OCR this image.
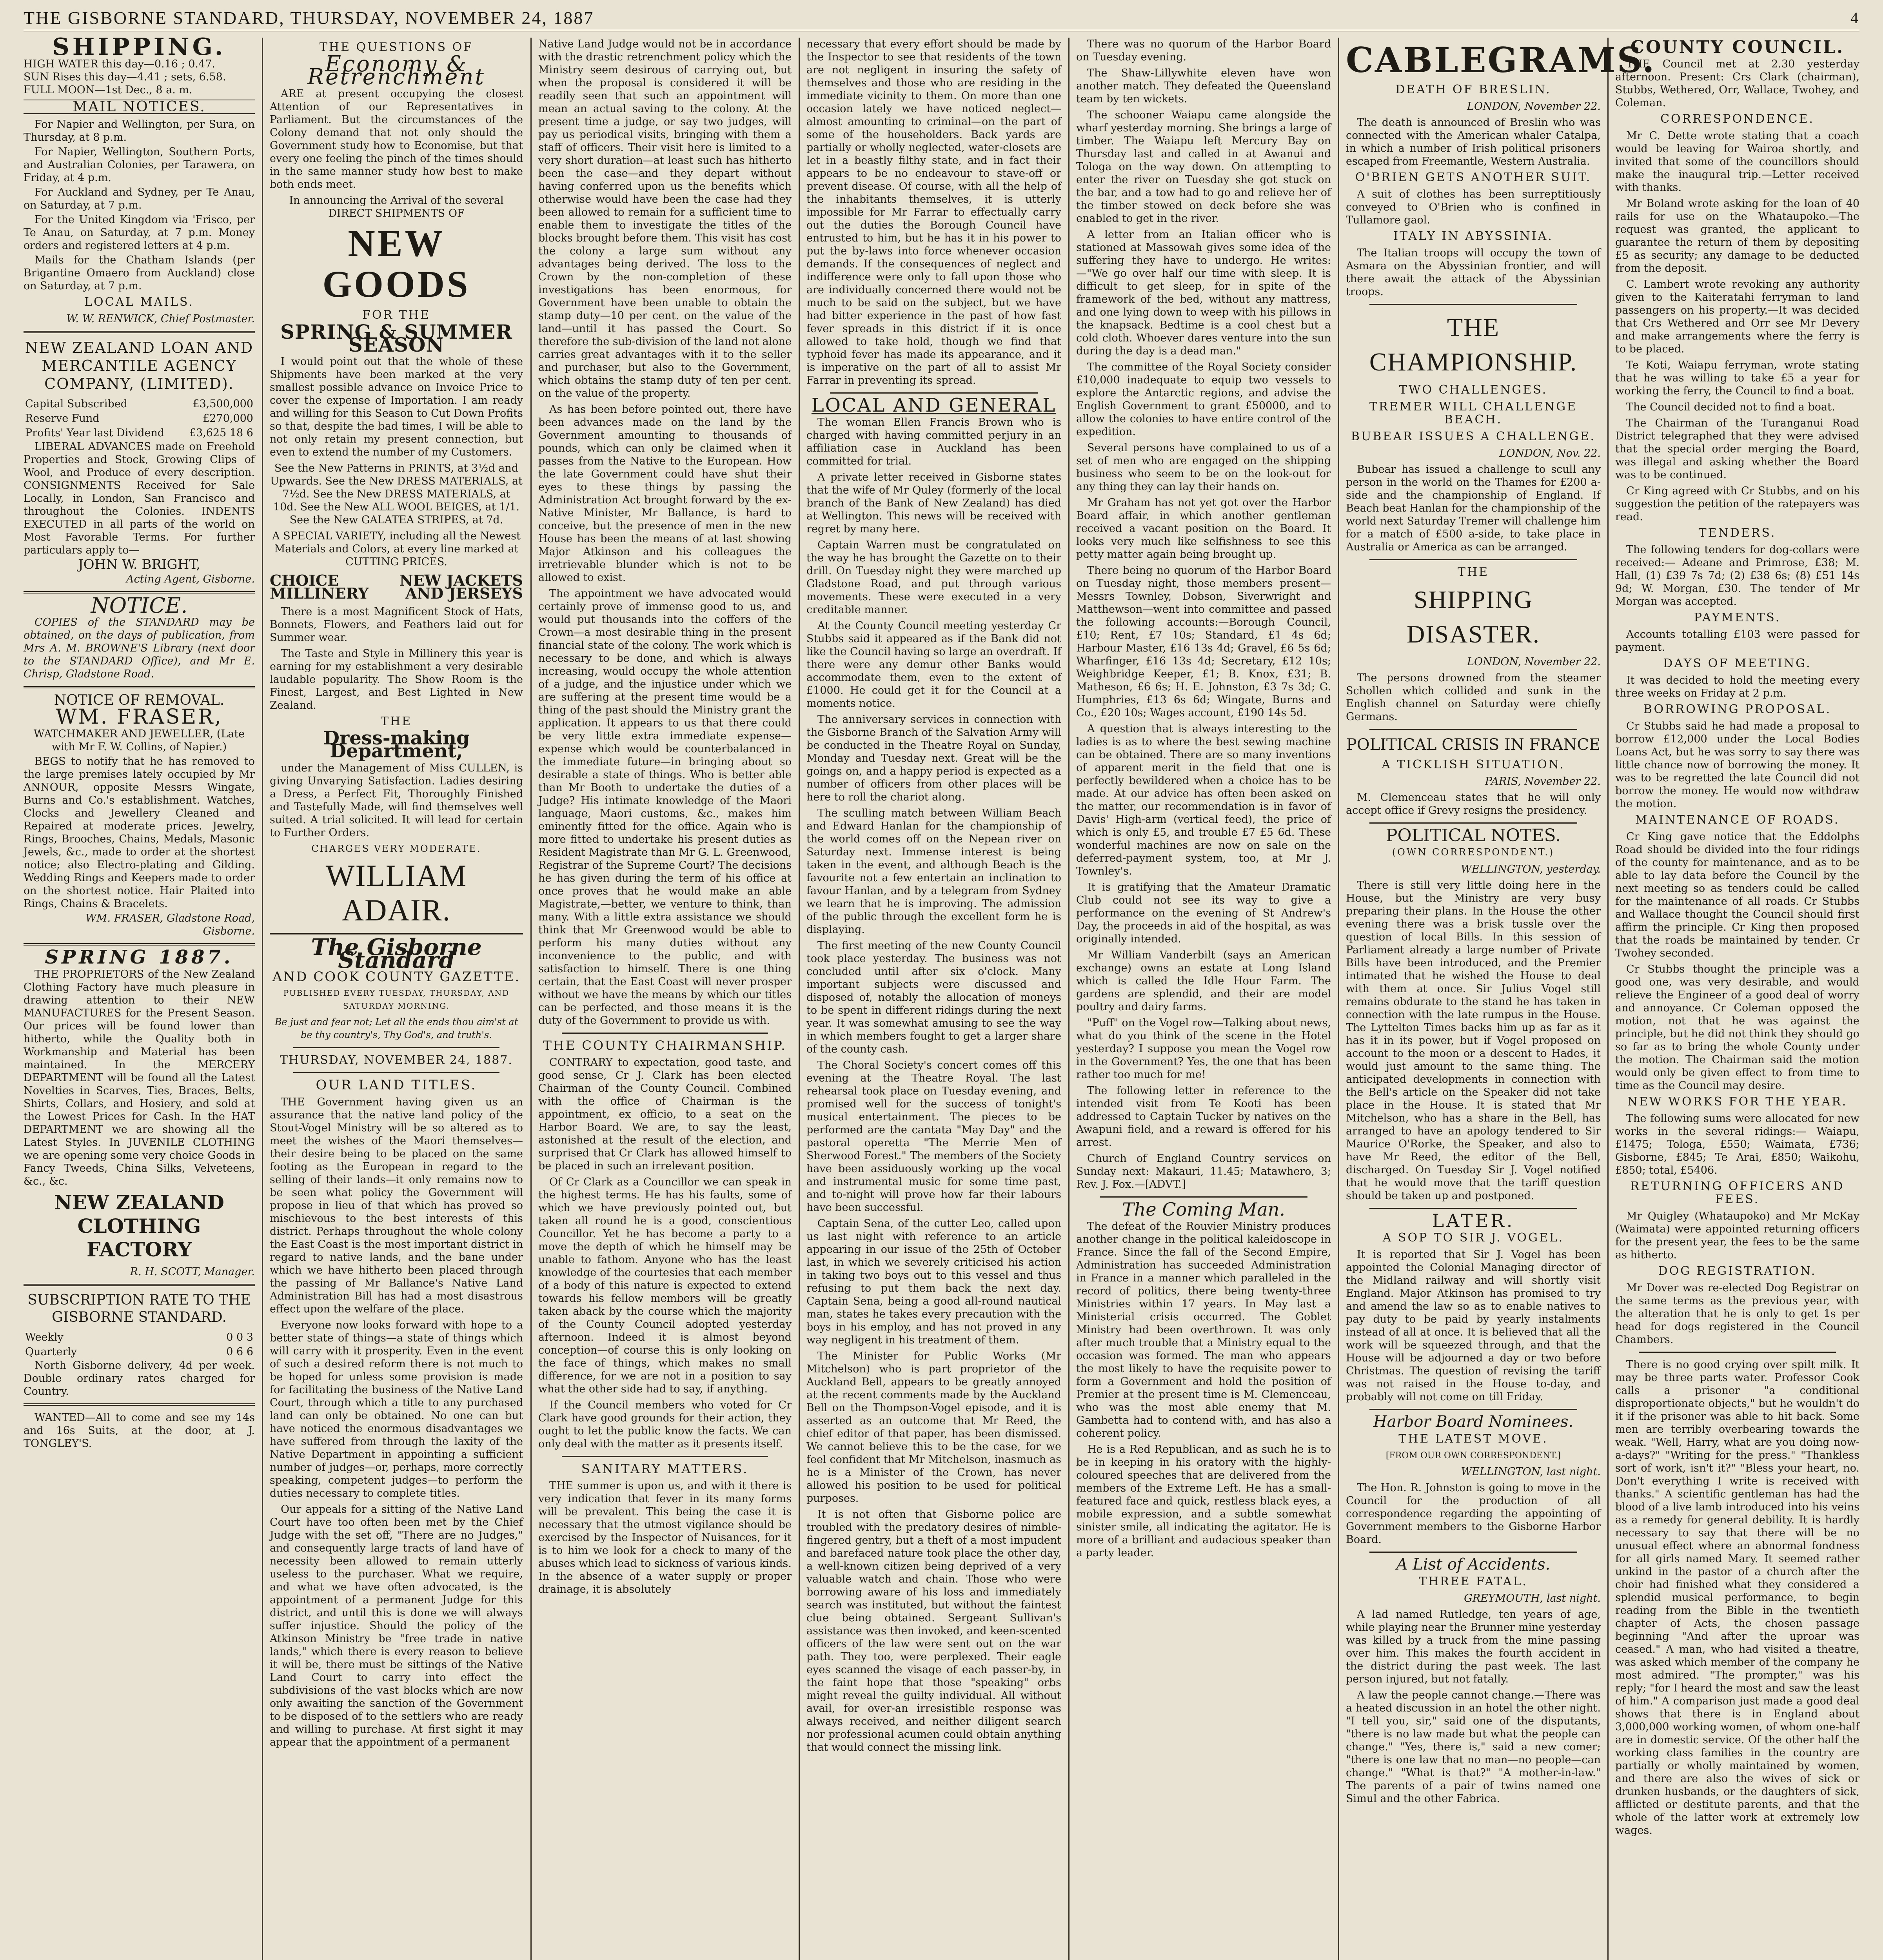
THE GISBORNE STANDARD, THURSDAY, NOVEMBER 24, 1887	4
SHIPPING.

HIGH WATER this day—0.16 ; 0.47.
SUN Rises this day—4.41 ; sets, 6.58.
FULL MOON—1st Dec., 8 a. m.

MAIL NOTICES.

For Napier and Wellington, per Sura, on Thursday, at 8 p.m.

For Napier, Wellington, Southern Ports, and Australian Colonies, per Tarawera, on Friday, at 4 p.m.

For Auckland and Sydney, per Te Anau, on Saturday, at 7 p.m.

For the United Kingdom via 'Frisco, per Te Anau, on Saturday, at 7 p.m. Money orders and registered letters at 4 p.m.

Mails for the Chatham Islands (per Brigantine Omaero from Auckland) close on Saturday, at 7 p.m.

LOCAL MAILS.

W. W. RENWICK, Chief Postmaster.

NEW ZEALAND LOAN AND MERCANTILE AGENCY COMPANY, (LIMITED).
Capital Subscribed	£3,500,000
Reserve Fund	£270,000
Profits' Year last Dividend	£3,625 18 6

LIBERAL ADVANCES made on Freehold Properties and Stock, Growing Clips of Wool, and Produce of every description. CONSIGNMENTS Received for Sale Locally, in London, San Francisco and throughout the Colonies. INDENTS EXECUTED in all parts of the world on Most Favorable Terms. For further particulars apply to—

JOHN W. BRIGHT,

Acting Agent, Gisborne.

NOTICE.

COPIES of the STANDARD may be obtained, on the days of publication, from Mrs A. M. BROWNE'S Library (next door to the STANDARD Office), and Mr E. Chrisp, Gladstone Road.

NOTICE OF REMOVAL.
WM. FRASER,

WATCHMAKER AND JEWELLER, (Late with Mr F. W. Collins, of Napier.)

BEGS to notify that he has removed to the large premises lately occupied by Mr ANNOUR, opposite Messrs Wingate, Burns and Co.'s establishment. Watches, Clocks and Jewellery Cleaned and Repaired at moderate prices. Jewelry, Rings, Brooches, Chains, Medals, Masonic Jewels, &c., made to order at the shortest notice; also Electro-plating and Gilding. Wedding Rings and Keepers made to order on the shortest notice. Hair Plaited into Rings, Chains & Bracelets.

WM. FRASER, Gladstone Road, Gisborne.

SPRING 1887.

THE PROPRIETORS of the New Zealand Clothing Factory have much pleasure in drawing attention to their NEW MANUFACTURES for the Present Season. Our prices will be found lower than hitherto, while the Quality both in Workmanship and Material has been maintained. In the MERCERY DEPARTMENT will be found all the Latest Novelties in Scarves, Ties, Braces, Belts, Shirts, Collars, and Hosiery, and sold at the Lowest Prices for Cash. In the HAT DEPARTMENT we are showing all the Latest Styles. In JUVENILE CLOTHING we are opening some very choice Goods in Fancy Tweeds, China Silks, Velveteens, &c., &c.

NEW ZEALAND CLOTHING FACTORY

R. H. SCOTT, Manager.

SUBSCRIPTION RATE TO THE GISBORNE STANDARD.
Weekly	0 0 3
Quarterly	0 6 6

North Gisborne delivery, 4d per week. Double ordinary rates charged for Country.

WANTED—All to come and see my 14s and 16s Suits, at the door, at J. TONGLEY'S.

THE QUESTIONS OF
Economy & Retrenchment

ARE at present occupying the closest Attention of our Representatives in Parliament. But the circumstances of the Colony demand that not only should the Government study how to Economise, but that every one feeling the pinch of the times should in the same manner study how best to make both ends meet.

In announcing the Arrival of the several DIRECT SHIPMENTS OF

NEW GOODS
FOR THE
SPRING & SUMMER SEASON

I would point out that the whole of these Shipments have been marked at the very smallest possible advance on Invoice Price to cover the expense of Importation. I am ready and willing for this Season to Cut Down Profits so that, despite the bad times, I will be able to not only retain my present connection, but even to extend the number of my Customers.

See the New Patterns in PRINTS, at 3½d and Upwards. See the New DRESS MATERIALS, at 7½d. See the New DRESS MATERIALS, at 10d. See the New ALL WOOL BEIGES, at 1/1. See the New GALATEA STRIPES, at 7d.

A SPECIAL VARIETY, including all the Newest Materials and Colors, at every line marked at CUTTING PRICES.

CHOICE MILLINERY
NEW JACKETS AND JERSEYS

There is a most Magnificent Stock of Hats, Bonnets, Flowers, and Feathers laid out for Summer wear.

The Taste and Style in Millinery this year is earning for my establishment a very desirable laudable popularity. The Show Room is the Finest, Largest, and Best Lighted in New Zealand.

THE
Dress-making Department,

under the Management of Miss CULLEN, is giving Unvarying Satisfaction. Ladies desiring a Dress, a Perfect Fit, Thoroughly Finished and Tastefully Made, will find themselves well suited. A trial solicited. It will lead for certain to Further Orders.

CHARGES VERY MODERATE.

WILLIAM ADAIR.
The Gisborne Standard

AND COOK COUNTY GAZETTE.

PUBLISHED EVERY TUESDAY, THURSDAY, AND SATURDAY MORNING.

Be just and fear not; Let all the ends thou aim'st at be thy country's, Thy God's, and truth's.

THURSDAY, NOVEMBER 24, 1887.

OUR LAND TITLES.

THE Government having given us an assurance that the native land policy of the Stout-Vogel Ministry will be so altered as to meet the wishes of the Maori themselves—their desire being to be placed on the same footing as the European in regard to the selling of their lands—it only remains now to be seen what policy the Government will propose in lieu of that which has proved so mischievous to the best interests of this district. Perhaps throughout the whole colony the East Coast is the most important district in regard to native lands, and the bane under which we have hitherto been placed through the passing of Mr Ballance's Native Land Administration Bill has had a most disastrous effect upon the welfare of the place.

Everyone now looks forward with hope to a better state of things—a state of things which will carry with it prosperity. Even in the event of such a desired reform there is not much to be hoped for unless some provision is made for facilitating the business of the Native Land Court, through which a title to any purchased land can only be obtained. No one can but have noticed the enormous disadvantages we have suffered from through the laxity of the Native Department in appointing a sufficient number of judges—or, perhaps, more correctly speaking, competent judges—to perform the duties necessary to complete titles.

Our appeals for a sitting of the Native Land Court have too often been met by the Chief Judge with the set off, "There are no Judges," and consequently large tracts of land have of necessity been allowed to remain utterly useless to the purchaser. What we require, and what we have often advocated, is the appointment of a permanent Judge for this district, and until this is done we will always suffer injustice. Should the policy of the Atkinson Ministry be "free trade in native lands," which there is every reason to believe it will be, there must be sittings of the Native Land Court to carry into effect the subdivisions of the vast blocks which are now only awaiting the sanction of the Government to be disposed of to the settlers who are ready and willing to purchase. At first sight it may appear that the appointment of a permanent

Native Land Judge would not be in accordance with the drastic retrenchment policy which the Ministry seem desirous of carrying out, but when the proposal is considered it will be readily seen that such an appointment will mean an actual saving to the colony. At the present time a judge, or say two judges, will pay us periodical visits, bringing with them a staff of officers. Their visit here is limited to a very short duration—at least such has hitherto been the case—and they depart without having conferred upon us the benefits which otherwise would have been the case had they been allowed to remain for a sufficient time to enable them to investigate the titles of the blocks brought before them. This visit has cost the colony a large sum without any advantages being derived. The loss to the Crown by the non-completion of these investigations has been enormous, for Government have been unable to obtain the stamp duty—10 per cent. on the value of the land—until it has passed the Court. So therefore the sub-division of the land not alone carries great advantages with it to the seller and purchaser, but also to the Government, which obtains the stamp duty of ten per cent. on the value of the property.

As has been before pointed out, there have been advances made on the land by the Government amounting to thousands of pounds, which can only be claimed when it passes from the Native to the European. How the late Government could have shut their eyes to these things by passing the Administration Act brought forward by the ex-Native Minister, Mr Ballance, is hard to conceive, but the presence of men in the new House has been the means of at last showing Major Atkinson and his colleagues the irretrievable blunder which is not to be allowed to exist.

The appointment we have advocated would certainly prove of immense good to us, and would put thousands into the coffers of the Crown—a most desirable thing in the present financial state of the colony. The work which is necessary to be done, and which is always increasing, would occupy the whole attention of a judge, and the injustice under which we are suffering at the present time would be a thing of the past should the Ministry grant the application. It appears to us that there could be very little extra immediate expense—expense which would be counterbalanced in the immediate future—in bringing about so desirable a state of things. Who is better able than Mr Booth to undertake the duties of a Judge? His intimate knowledge of the Maori language, Maori customs, &c., makes him eminently fitted for the office. Again who is more fitted to undertake his present duties as Resident Magistrate than Mr G. L. Greenwood, Registrar of the Supreme Court? The decisions he has given during the term of his office at once proves that he would make an able Magistrate,—better, we venture to think, than many. With a little extra assistance we should think that Mr Greenwood would be able to perform his many duties without any inconvenience to the public, and with satisfaction to himself. There is one thing certain, that the East Coast will never prosper without we have the means by which our titles can be perfected, and those means it is the duty of the Government to provide us with.

THE COUNTY CHAIRMANSHIP.

CONTRARY to expectation, good taste, and good sense, Cr J. Clark has been elected Chairman of the County Council. Combined with the office of Chairman is the appointment, ex officio, to a seat on the Harbor Board. We are, to say the least, astonished at the result of the election, and surprised that Cr Clark has allowed himself to be placed in such an irrelevant position.

Of Cr Clark as a Councillor we can speak in the highest terms. He has his faults, some of which we have previously pointed out, but taken all round he is a good, conscientious Councillor. Yet he has become a party to a move the depth of which he himself may be unable to fathom. Anyone who has the least knowledge of the courtesies that each member of a body of this nature is expected to extend towards his fellow members will be greatly taken aback by the course which the majority of the County Council adopted yesterday afternoon. Indeed it is almost beyond conception—of course this is only looking on the face of things, which makes no small difference, for we are not in a position to say what the other side had to say, if anything.

If the Council members who voted for Cr Clark have good grounds for their action, they ought to let the public know the facts. We can only deal with the matter as it presents itself.

SANITARY MATTERS.

THE summer is upon us, and with it there is very indication that fever in its many forms will be prevalent. This being the case it is necessary that the utmost vigilance should be exercised by the Inspector of Nuisances, for it is to him we look for a check to many of the abuses which lead to sickness of various kinds. In the absence of a water supply or proper drainage, it is absolutely

necessary that every effort should be made by the Inspector to see that residents of the town are not negligent in insuring the safety of themselves and those who are residing in the immediate vicinity to them. On more than one occasion lately we have noticed neglect—almost amounting to criminal—on the part of some of the householders. Back yards are partially or wholly neglected, water-closets are let in a beastly filthy state, and in fact their appears to be no endeavour to stave-off or prevent disease. Of course, with all the help of the inhabitants themselves, it is utterly impossible for Mr Farrar to effectually carry out the duties the Borough Council have entrusted to him, but he has it in his power to put the by-laws into force whenever occasion demands. If the consequences of neglect and indifference were only to fall upon those who are individually concerned there would not be much to be said on the subject, but we have had bitter experience in the past of how fast fever spreads in this district if it is once allowed to take hold, though we find that typhoid fever has made its appearance, and it is imperative on the part of all to assist Mr Farrar in preventing its spread.

LOCAL AND GENERAL

The woman Ellen Francis Brown who is charged with having committed perjury in an affiliation case in Auckland has been committed for trial.

A private letter received in Gisborne states that the wife of Mr Quley (formerly of the local branch of the Bank of New Zealand) has died at Wellington. This news will be received with regret by many here.

Captain Warren must be congratulated on the way he has brought the Gazette on to their drill. On Tuesday night they were marched up Gladstone Road, and put through various movements. These were executed in a very creditable manner.

At the County Council meeting yesterday Cr Stubbs said it appeared as if the Bank did not like the Council having so large an overdraft. If there were any demur other Banks would accommodate them, even to the extent of £1000. He could get it for the Council at a moments notice.

The anniversary services in connection with the Gisborne Branch of the Salvation Army will be conducted in the Theatre Royal on Sunday, Monday and Tuesday next. Great will be the goings on, and a happy period is expected as a number of officers from other places will be here to roll the chariot along.

The sculling match between William Beach and Edward Hanlan for the championship of the world comes off on the Nepean river on Saturday next. Immense interest is being taken in the event, and although Beach is the favourite not a few entertain an inclination to favour Hanlan, and by a telegram from Sydney we learn that he is improving. The admission of the public through the excellent form he is displaying.

The first meeting of the new County Council took place yesterday. The business was not concluded until after six o'clock. Many important subjects were discussed and disposed of, notably the allocation of moneys to be spent in different ridings during the next year. It was somewhat amusing to see the way in which members fought to get a larger share of the county cash.

The Choral Society's concert comes off this evening at the Theatre Royal. The last rehearsal took place on Tuesday evening, and promised well for the success of tonight's musical entertainment. The pieces to be performed are the cantata "May Day" and the pastoral operetta "The Merrie Men of Sherwood Forest." The members of the Society have been assiduously working up the vocal and instrumental music for some time past, and to-night will prove how far their labours have been successful.

Captain Sena, of the cutter Leo, called upon us last night with reference to an article appearing in our issue of the 25th of October last, in which we severely criticised his action in taking two boys out to this vessel and thus refusing to put them back the next day. Captain Sena, being a good all-round nautical man, states he takes every precaution with the boys in his employ, and has not proved in any way negligent in his treatment of them.

The Minister for Public Works (Mr Mitchelson) who is part proprietor of the Auckland Bell, appears to be greatly annoyed at the recent comments made by the Auckland Bell on the Thompson-Vogel episode, and it is asserted as an outcome that Mr Reed, the chief editor of that paper, has been dismissed. We cannot believe this to be the case, for we feel confident that Mr Mitchelson, inasmuch as he is a Minister of the Crown, has never allowed his position to be used for political purposes.

It is not often that Gisborne police are troubled with the predatory desires of nimble-fingered gentry, but a theft of a most impudent and barefaced nature took place the other day, a well-known citizen being deprived of a very valuable watch and chain. Those who were borrowing aware of his loss and immediately search was instituted, but without the faintest clue being obtained. Sergeant Sullivan's assistance was then invoked, and keen-scented officers of the law were sent out on the war path. They too, were perplexed. Their eagle eyes scanned the visage of each passer-by, in the faint hope that those "speaking" orbs might reveal the guilty individual. All without avail, for over-an irresistible response was always received, and neither diligent search nor professional acumen could obtain anything that would connect the missing link.

There was no quorum of the Harbor Board on Tuesday evening.

The Shaw-Lillywhite eleven have won another match. They defeated the Queensland team by ten wickets.

The schooner Waiapu came alongside the wharf yesterday morning. She brings a large of timber. The Waiapu left Mercury Bay on Thursday last and called in at Awanui and Tologa on the way down. On attempting to enter the river on Tuesday she got stuck on the bar, and a tow had to go and relieve her of the timber stowed on deck before she was enabled to get in the river.

A letter from an Italian officer who is stationed at Massowah gives some idea of the suffering they have to undergo. He writes:—"We go over half our time with sleep. It is difficult to get sleep, for in spite of the framework of the bed, without any mattress, and one lying down to weep with his pillows in the knapsack. Bedtime is a cool chest but a cold cloth. Whoever dares venture into the sun during the day is a dead man."

The committee of the Royal Society consider £10,000 inadequate to equip two vessels to explore the Antarctic regions, and advise the English Government to grant £50000, and to allow the colonies to have entire control of the expedition.

Several persons have complained to us of a set of men who are engaged on the shipping business who seem to be on the look-out for any thing they can lay their hands on.

Mr Graham has not yet got over the Harbor Board affair, in which another gentleman received a vacant position on the Board. It looks very much like selfishness to see this petty matter again being brought up.

There being no quorum of the Harbor Board on Tuesday night, those members present—Messrs Townley, Dobson, Siverwright and Matthewson—went into committee and passed the following accounts:—Borough Council, £10; Rent, £7 10s; Standard, £1 4s 6d; Harbour Master, £16 13s 4d; Gravel, £6 5s 6d; Wharfinger, £16 13s 4d; Secretary, £12 10s; Weighbridge Keeper, £1; B. Knox, £31; B. Matheson, £6 6s; H. E. Johnston, £3 7s 3d; G. Humphries, £13 6s 6d; Wingate, Burns and Co., £20 10s; Wages account, £190 14s 5d.

A question that is always interesting to the ladies is as to where the best sewing machine can be obtained. There are so many inventions of apparent merit in the field that one is perfectly bewildered when a choice has to be made. At our advice has often been asked on the matter, our recommendation is in favor of Davis' High-arm (vertical feed), the price of which is only £5, and trouble £7 £5 6d. These wonderful machines are now on sale on the deferred-payment system, too, at Mr J. Townley's.

It is gratifying that the Amateur Dramatic Club could not see its way to give a performance on the evening of St Andrew's Day, the proceeds in aid of the hospital, as was originally intended.

Mr William Vanderbilt (says an American exchange) owns an estate at Long Island which is called the Idle Hour Farm. The gardens are splendid, and their are model poultry and dairy farms.

"Puff" on the Vogel row—Talking about news, what do you think of the scene in the Hotel yesterday? I suppose you mean the Vogel row in the Government? Yes, the one that has been rather too much for me!

The following letter in reference to the intended visit from Te Kooti has been addressed to Captain Tucker by natives on the Awapuni field, and a reward is offered for his arrest.

Church of England Country services on Sunday next: Makauri, 11.45; Matawhero, 3; Rev. J. Fox.—[ADVT.]

The Coming Man.

The defeat of the Rouvier Ministry produces another change in the political kaleidoscope in France. Since the fall of the Second Empire, Administration has succeeded Administration in France in a manner which paralleled in the record of politics, there being twenty-three Ministries within 17 years. In May last a Ministerial crisis occurred. The Goblet Ministry had been overthrown. It was only after much trouble that a Ministry equal to the occasion was formed. The man who appears the most likely to have the requisite power to form a Government and hold the position of Premier at the present time is M. Clemenceau, who was the most able enemy that M. Gambetta had to contend with, and has also a coherent policy.

He is a Red Republican, and as such he is to be in keeping in his oratory with the highly-coloured speeches that are delivered from the members of the Extreme Left. He has a small-featured face and quick, restless black eyes, a mobile expression, and a subtle somewhat sinister smile, all indicating the agitator. He is more of a brilliant and audacious speaker than a party leader.

CABLEGRAMS.
DEATH OF BRESLIN.

LONDON, November 22.

The death is announced of Breslin who was connected with the American whaler Catalpa, in which a number of Irish political prisoners escaped from Freemantle, Western Australia.

O'BRIEN GETS ANOTHER SUIT.

A suit of clothes has been surreptitiously conveyed to O'Brien who is confined in Tullamore gaol.

ITALY IN ABYSSINIA.

The Italian troops will occupy the town of Asmara on the Abyssinian frontier, and will there await the attack of the Abyssinian troops.

THE CHAMPIONSHIP.
TWO CHALLENGES.
TREMER WILL CHALLENGE BEACH.
BUBEAR ISSUES A CHALLENGE.

LONDON, Nov. 22.

Bubear has issued a challenge to scull any person in the world on the Thames for £200 a-side and the championship of England. If Beach beat Hanlan for the championship of the world next Saturday Tremer will challenge him for a match of £500 a-side, to take place in Australia or America as can be arranged.

THE
SHIPPING DISASTER.

LONDON, November 22.

The persons drowned from the steamer Schollen which collided and sunk in the English channel on Saturday were chiefly Germans.

POLITICAL CRISIS IN FRANCE
A TICKLISH SITUATION.

PARIS, November 22.

M. Clemenceau states that he will only accept office if Grevy resigns the presidency.

POLITICAL NOTES.
(OWN CORRESPONDENT.)

WELLINGTON, yesterday.

There is still very little doing here in the House, but the Ministry are very busy preparing their plans. In the House the other evening there was a brisk tussle over the question of local Bills. In this session of Parliament already a large number of Private Bills have been introduced, and the Premier intimated that he wished the House to deal with them at once. Sir Julius Vogel still remains obdurate to the stand he has taken in connection with the late rumpus in the House. The Lyttelton Times backs him up as far as it has it in its power, but if Vogel proposed on account to the moon or a descent to Hades, it would just amount to the same thing. The anticipated developments in connection with the Bell's article on the Speaker did not take place in the House. It is stated that Mr Mitchelson, who has a share in the Bell, has arranged to have an apology tendered to Sir Maurice O'Rorke, the Speaker, and also to have Mr Reed, the editor of the Bell, discharged. On Tuesday Sir J. Vogel notified that he would move that the tariff question should be taken up and postponed.

LATER.
A SOP TO SIR J. VOGEL.

It is reported that Sir J. Vogel has been appointed the Colonial Managing director of the Midland railway and will shortly visit England. Major Atkinson has promised to try and amend the law so as to enable natives to pay duty to be paid by yearly instalments instead of all at once. It is believed that all the work will be squeezed through, and that the House will be adjourned a day or two before Christmas. The question of revising the tariff was not raised in the House to-day, and probably will not come on till Friday.

Harbor Board Nominees.
THE LATEST MOVE.

[FROM OUR OWN CORRESPONDENT.]

WELLINGTON, last night.

The Hon. R. Johnston is going to move in the Council for the production of all correspondence regarding the appointing of Government members to the Gisborne Harbor Board.

A List of Accidents.
THREE FATAL.

GREYMOUTH, last night.

A lad named Rutledge, ten years of age, while playing near the Brunner mine yesterday was killed by a truck from the mine passing over him. This makes the fourth accident in the district during the past week. The last person injured, but not fatally.

A law the people cannot change.—There was a heated discussion in an hotel the other night. "I tell you, sir," said one of the disputants, "there is no law made but what the people can change." "Yes, there is," said a new comer; "there is one law that no man—no people—can change." "What is that?" "A mother-in-law." The parents of a pair of twins named one Simul and the other Fabrica.

COUNTY COUNCIL.

THE Council met at 2.30 yesterday afternoon. Present: Crs Clark (chairman), Stubbs, Wethered, Orr, Wallace, Twohey, and Coleman.

CORRESPONDENCE.

Mr C. Dette wrote stating that a coach would be leaving for Wairoa shortly, and invited that some of the councillors should make the inaugural trip.—Letter received with thanks.

Mr Boland wrote asking for the loan of 40 rails for use on the Whataupoko.—The request was granted, the applicant to guarantee the return of them by depositing £5 as security; any damage to be deducted from the deposit.

C. Lambert wrote revoking any authority given to the Kaiteratahi ferryman to land passengers on his property.—It was decided that Crs Wethered and Orr see Mr Devery and make arrangements where the ferry is to be placed.

Te Koti, Waiapu ferryman, wrote stating that he was willing to take £5 a year for working the ferry, the Council to find a boat.

The Council decided not to find a boat.

The Chairman of the Turanganui Road District telegraphed that they were advised that the special order merging the Board, was illegal and asking whether the Board was to be continued.

Cr King agreed with Cr Stubbs, and on his suggestion the petition of the ratepayers was read.

TENDERS.

The following tenders for dog-collars were received:— Adeane and Primrose, £38; M. Hall, (1) £39 7s 7d; (2) £38 6s; (8) £51 14s 9d; W. Morgan, £30. The tender of Mr Morgan was accepted.

PAYMENTS.

Accounts totalling £103 were passed for payment.

DAYS OF MEETING.

It was decided to hold the meeting every three weeks on Friday at 2 p.m.

BORROWING PROPOSAL.

Cr Stubbs said he had made a proposal to borrow £12,000 under the Local Bodies Loans Act, but he was sorry to say there was little chance now of borrowing the money. It was to be regretted the late Council did not borrow the money. He would now withdraw the motion.

MAINTENANCE OF ROADS.

Cr King gave notice that the Eddolphs Road should be divided into the four ridings of the county for maintenance, and as to be able to lay data before the Council by the next meeting so as tenders could be called for the maintenance of all roads. Cr Stubbs and Wallace thought the Council should first affirm the principle. Cr King then proposed that the roads be maintained by tender. Cr Twohey seconded.

Cr Stubbs thought the principle was a good one, was very desirable, and would relieve the Engineer of a good deal of worry and annoyance. Cr Coleman opposed the motion, not that he was against the principle, but he did not think they should go so far as to bring the whole County under the motion. The Chairman said the motion would only be given effect to from time to time as the Council may desire.

NEW WORKS FOR THE YEAR.

The following sums were allocated for new works in the several ridings:— Waiapu, £1475; Tologa, £550; Waimata, £736; Gisborne, £845; Te Arai, £850; Waikohu, £850; total, £5406.

RETURNING OFFICERS AND FEES.

Mr Quigley (Whataupoko) and Mr McKay (Waimata) were appointed returning officers for the present year, the fees to be the same as hitherto.

DOG REGISTRATION.

Mr Dover was re-elected Dog Registrar on the same terms as the previous year, with the alteration that he is only to get 1s per head for dogs registered in the Council Chambers.

There is no good crying over spilt milk. It may be three parts water. Professor Cook calls a prisoner "a conditional disproportionate objects," but he wouldn't do it if the prisoner was able to hit back. Some men are terribly overbearing towards the weak. "Well, Harry, what are you doing now-a-days?" "Writing for the press." "Thankless sort of work, isn't it?" "Bless your heart, no. Don't everything I write is received with thanks." A scientific gentleman has had the blood of a live lamb introduced into his veins as a remedy for general debility. It is hardly necessary to say that there will be no unusual effect where an abnormal fondness for all girls named Mary. It seemed rather unkind in the pastor of a church after the choir had finished what they considered a splendid musical performance, to begin reading from the Bible in the twentieth chapter of Acts, the chosen passage beginning "And after the uproar was ceased." A man, who had visited a theatre, was asked which member of the company he most admired. "The prompter," was his reply; "for I heard the most and saw the least of him." A comparison just made a good deal shows that there is in England about 3,000,000 working women, of whom one-half are in domestic service. Of the other half the working class families in the country are partially or wholly maintained by women, and there are also the wives of sick or drunken husbands, or the daughters of sick, afflicted or destitute parents, and that the whole of the latter work at extremely low wages.
